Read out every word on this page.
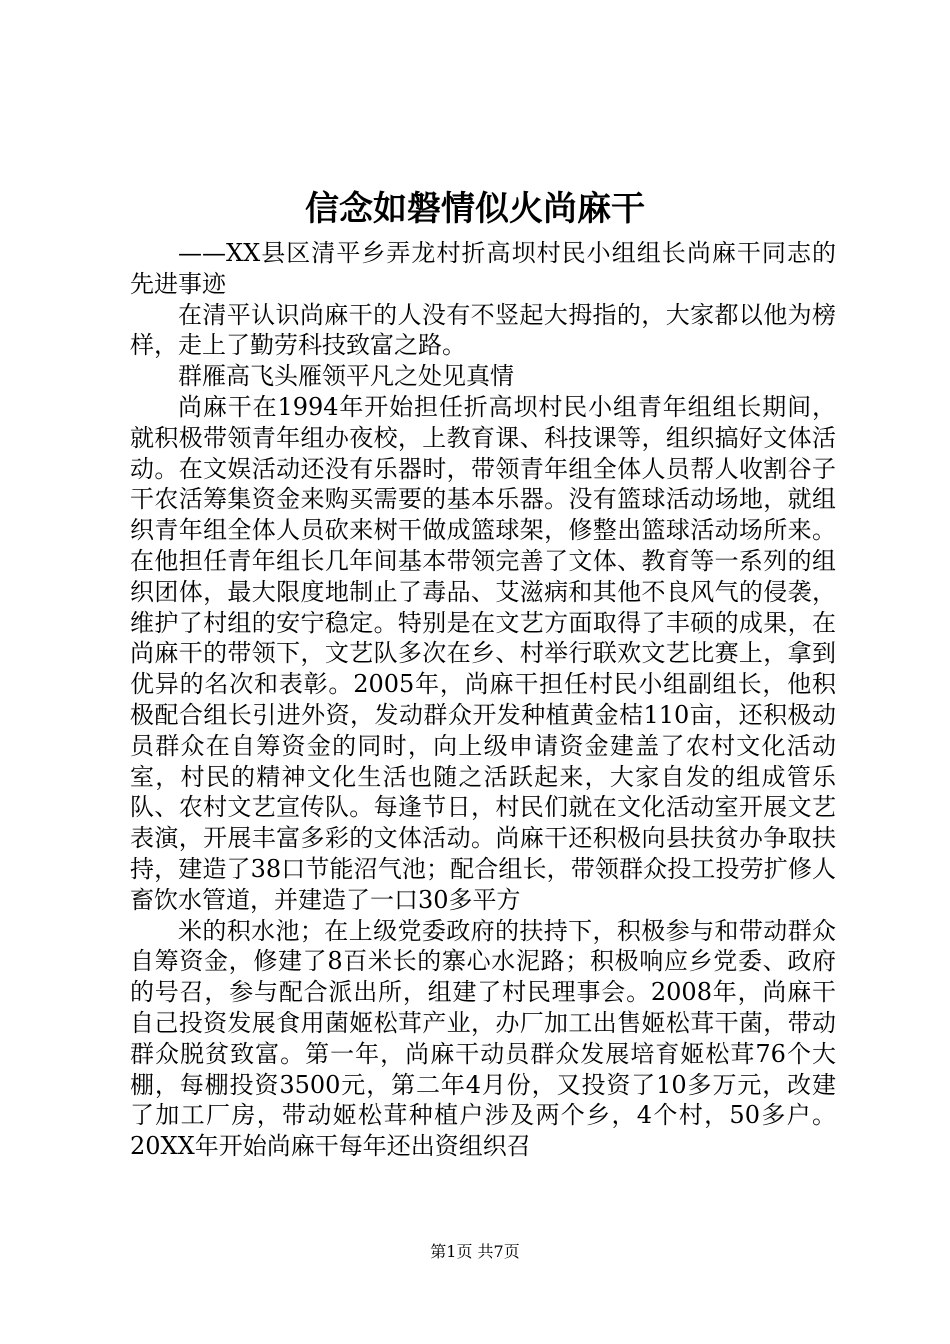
信念如磐情似火尚麻干

——XX县区清平乡弄龙村折高坝村民小组组长尚麻干同志的先进事迹

在清平认识尚麻干的人没有不竖起大拇指的，大家都以他为榜样，走上了勤劳科技致富之路。

群雁高飞头雁领平凡之处见真情

尚麻干在1994年开始担任折高坝村民小组青年组组长期间，就积极带领青年组办夜校，上教育课、科技课等，组织搞好文体活动。在文娱活动还没有乐器时，带领青年组全体人员帮人收割谷子干农活筹集资金来购买需要的基本乐器。没有篮球活动场地，就组织青年组全体人员砍来树干做成篮球架，修整出篮球活动场所来。在他担任青年组长几年间基本带领完善了文体、教育等一系列的组织团体，最大限度地制止了毒品、艾滋病和其他不良风气的侵袭，维护了村组的安宁稳定。特别是在文艺方面取得了丰硕的成果，在尚麻干的带领下，文艺队多次在乡、村举行联欢文艺比赛上，拿到优异的名次和表彰。2005年，尚麻干担任村民小组副组长，他积极配合组长引进外资，发动群众开发种植黄金桔110亩，还积极动员群众在自筹资金的同时，向上级申请资金建盖了农村文化活动室，村民的精神文化生活也随之活跃起来，大家自发的组成管乐队、农村文艺宣传队。每逢节日，村民们就在文化活动室开展文艺表演，开展丰富多彩的文体活动。尚麻干还积极向县扶贫办争取扶持，建造了38口节能沼气池；配合组长，带领群众投工投劳扩修人畜饮水管道，并建造了一口30多平方

米的积水池；在上级党委政府的扶持下，积极参与和带动群众自筹资金，修建了8百米长的寨心水泥路；积极响应乡党委、政府的号召，参与配合派出所，组建了村民理事会。2008年，尚麻干自己投资发展食用菌姬松茸产业，办厂加工出售姬松茸干菌，带动群众脱贫致富。第一年，尚麻干动员群众发展培育姬松茸76个大棚，每棚投资3500元，第二年4月份，又投资了10多万元，改建了加工厂房，带动姬松茸种植户涉及两个乡，4个村，50多户。20XX年开始尚麻干每年还出资组织召

第1页 共7页
